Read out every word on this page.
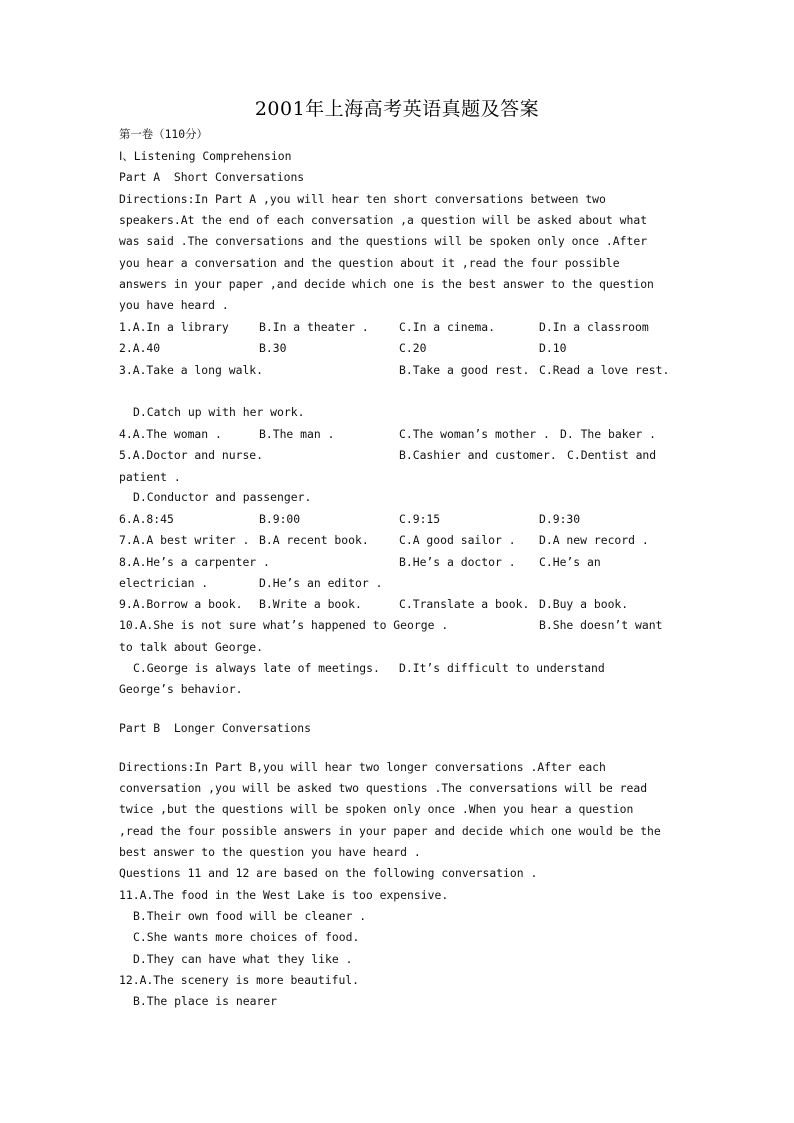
2001年上海高考英语真题及答案
第一卷（110分）
Ⅰ、Listening Comprehension
Part A  Short Conversations
Directions:In Part A ,you will hear ten short conversations between two
speakers.At the end of each conversation ,a question will be asked about what
was said .The conversations and the questions will be spoken only once .After
you hear a conversation and the question about it ,read the four possible
answers in your paper ,and decide which one is the best answer to the question
you have heard .
1.A.In a library	B.In a theater .	C.In a cinema.	D.In a classroom
2.A.40	B.30	C.20	D.10
3.A.Take a long walk.	B.Take a good rest. C.Read a love rest.
D.Catch up with her work.
4.A.The woman .	B.The man .	C.The woman’s mother . D. The baker .
5.A.Doctor and nurse.	B.Cashier and customer. C.Dentist and
patient .
D.Conductor and passenger.
6.A.8:45	B.9:00	C.9:15	D.9:30
7.A.A best writer . B.A recent book.	C.A good sailor . D.A new record .
8.A.He’s a carpenter .	B.He’s a doctor . C.He’s an
electrician .	D.He’s an editor .
9.A.Borrow a book. B.Write a book.	C.Translate a book. D.Buy a book.
10.A.She is not sure what’s happened to George .	B.She doesn’t want
to talk about George.
C.George is always late of meetings. D.It’s difficult to understand
George’s behavior.
Part B  Longer Conversations
Directions:In Part B,you will hear two longer conversations .After each
conversation ,you will be asked two questions .The conversations will be read
twice ,but the questions will be spoken only once .When you hear a question
,read the four possible answers in your paper and decide which one would be the
best answer to the question you have heard .
Questions 11 and 12 are based on the following conversation .
11.A.The food in the West Lake is too expensive.
B.Their own food will be cleaner .
C.She wants more choices of food.
D.They can have what they like .
12.A.The scenery is more beautiful.
B.The place is nearer
